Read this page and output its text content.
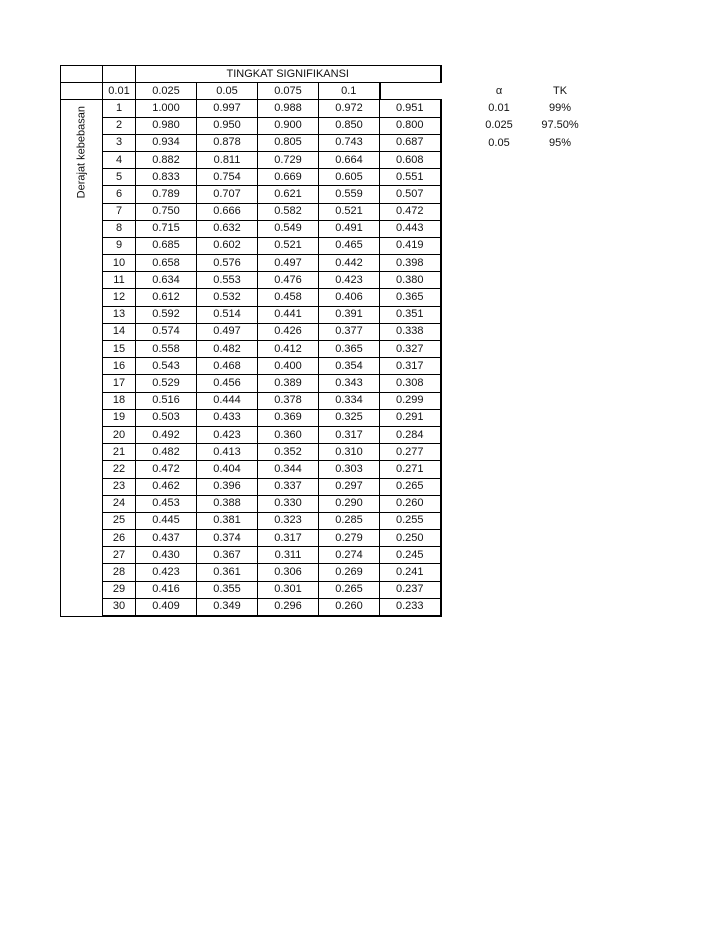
		TINGKAT SIGNIFIKANSI				
	0.01	0.025	0.05	0.075	0.1	

Derajat kebebasan	1	1.000	0.997	0.988	0.972	0.951
	2	0.980	0.950	0.900	0.850	0.800
	3	0.934	0.878	0.805	0.743	0.687
	4	0.882	0.811	0.729	0.664	0.608
	5	0.833	0.754	0.669	0.605	0.551
	6	0.789	0.707	0.621	0.559	0.507
	7	0.750	0.666	0.582	0.521	0.472
	8	0.715	0.632	0.549	0.491	0.443
	9	0.685	0.602	0.521	0.465	0.419
	10	0.658	0.576	0.497	0.442	0.398
	11	0.634	0.553	0.476	0.423	0.380
	12	0.612	0.532	0.458	0.406	0.365
	13	0.592	0.514	0.441	0.391	0.351
	14	0.574	0.497	0.426	0.377	0.338
	15	0.558	0.482	0.412	0.365	0.327
	16	0.543	0.468	0.400	0.354	0.317
	17	0.529	0.456	0.389	0.343	0.308
	18	0.516	0.444	0.378	0.334	0.299
	19	0.503	0.433	0.369	0.325	0.291
	20	0.492	0.423	0.360	0.317	0.284
	21	0.482	0.413	0.352	0.310	0.277
	22	0.472	0.404	0.344	0.303	0.271
	23	0.462	0.396	0.337	0.297	0.265
	24	0.453	0.388	0.330	0.290	0.260
	25	0.445	0.381	0.323	0.285	0.255
	26	0.437	0.374	0.317	0.279	0.250
	27	0.430	0.367	0.311	0.274	0.245
	28	0.423	0.361	0.306	0.269	0.241
	29	0.416	0.355	0.301	0.265	0.237
	30	0.409	0.349	0.296	0.260	0.233
α	TK
0.01	99%
0.025	97.50%
0.05	95%
